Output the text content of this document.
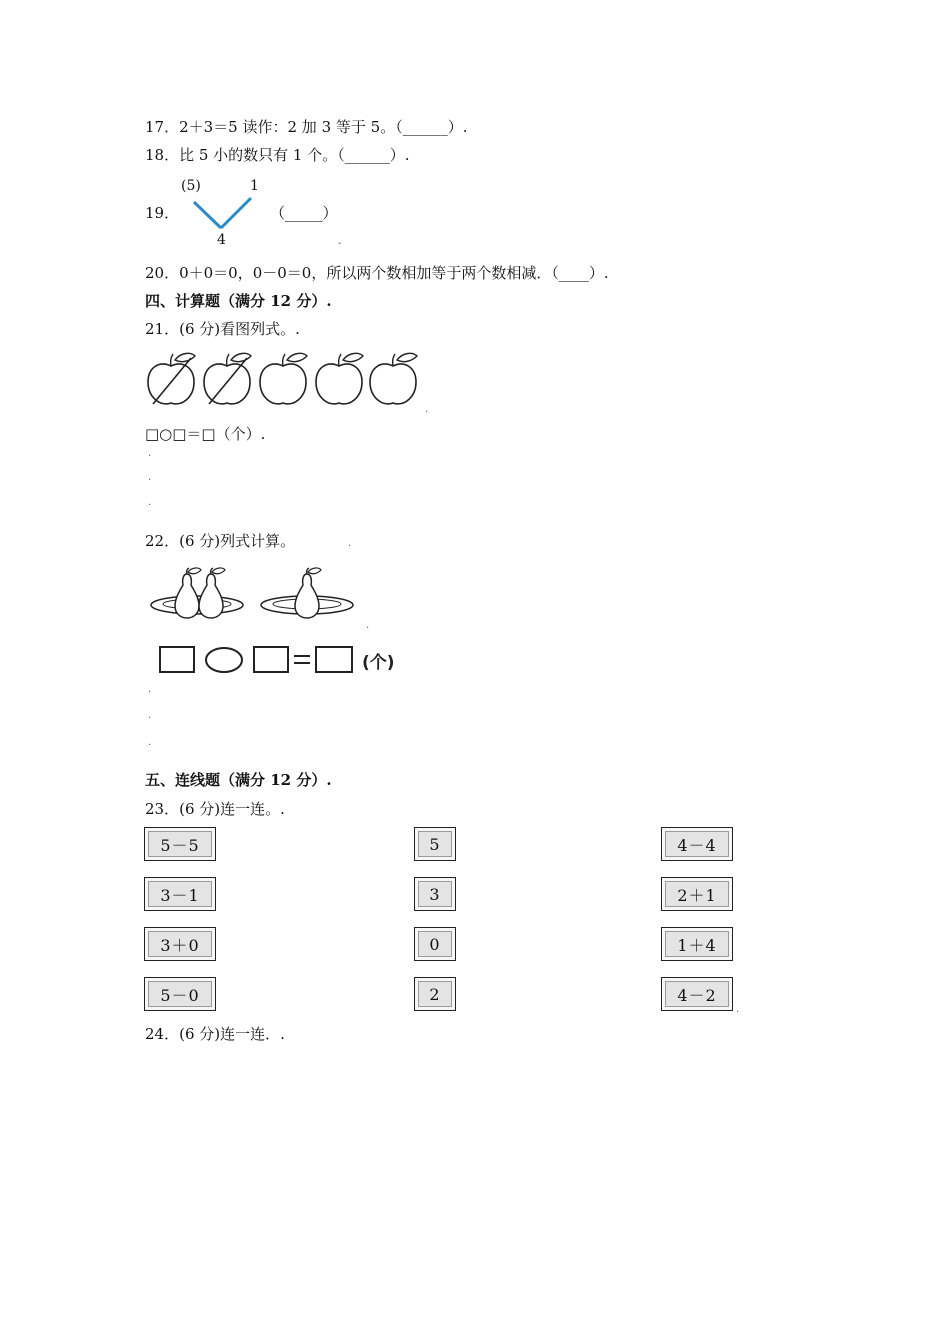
17．2＋3＝5 读作：2 加 3 等于 5。（______）.
18．比 5 小的数只有 1 个。（______）.
19．
(5)	1
4
（_____）
-
20．0＋0＝0，0－0＝0，所以两个数相加等于两个数相减．（____）.
四、计算题（满分 12 分）.
21．(6 分)看图列式。.
.
□○□＝□（个）.
.
.
.
22．(6 分)列式计算。	.
.
(个)
.
.
.
五、连线题（满分 12 分）.
23．(6 分)连一连。.
5－5
3－1
3＋0
5－0
5
3
0
2
4－4
2＋1
1＋4
4－2
.
24．(6 分)连一连．.
